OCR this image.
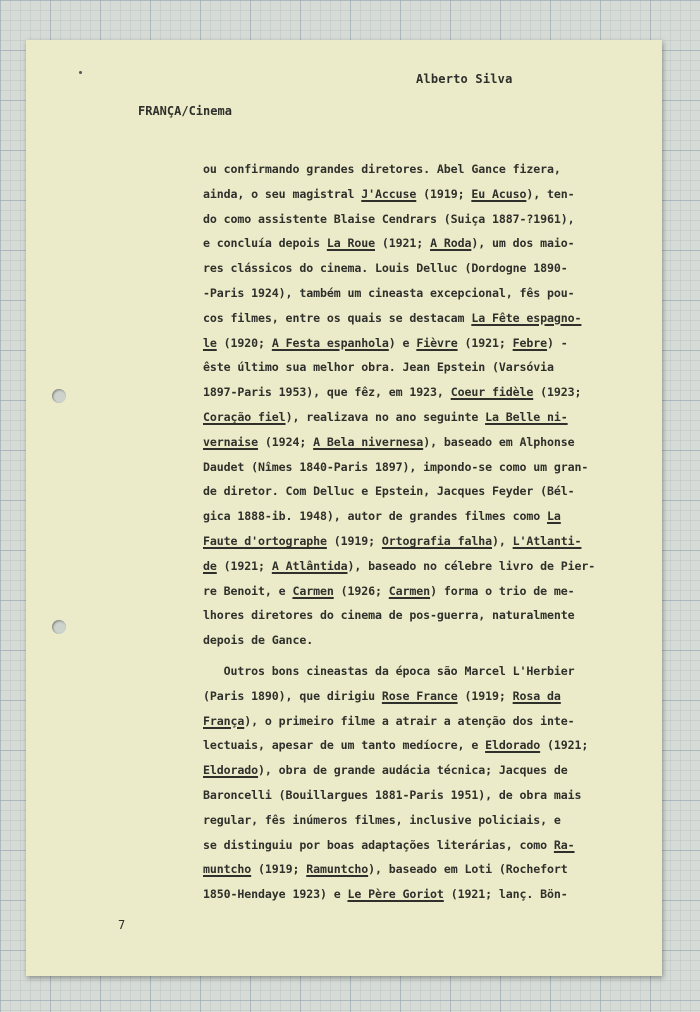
Alberto Silva
FRANÇA/Cinema
ou confirmando grandes diretores. Abel Gance fizera,
ainda, o seu magistral J'Accuse (1919; Eu Acuso), ten-
do como assistente Blaise Cendrars (Suiça 1887-?1961),
e concluía depois La Roue (1921; A Roda), um dos maio-
res clássicos do cinema. Louis Delluc (Dordogne 1890-
-Paris 1924), também um cineasta excepcional, fês pou-
cos filmes, entre os quais se destacam La Fête espagno-
le (1920; A Festa espanhola) e Fièvre (1921; Febre) -
êste último sua melhor obra. Jean Epstein (Varsóvia
1897-Paris 1953), que fêz, em 1923, Coeur fidèle (1923;
Coração fiel), realizava no ano seguinte La Belle ni-
vernaise (1924; A Bela nivernesa), baseado em Alphonse
Daudet (Nîmes 1840-Paris 1897), impondo-se como um gran-
de diretor. Com Delluc e Epstein, Jacques Feyder (Bél-
gica 1888-ib. 1948), autor de grandes filmes como La
Faute d'ortographe (1919; Ortografia falha), L'Atlanti-
de (1921; A Atlântida), baseado no célebre livro de Pier-
re Benoit, e Carmen (1926; Carmen) forma o trio de me-
lhores diretores do cinema de pos-guerra, naturalmente
depois de Gance.
Outros bons cineastas da época são Marcel L'Herbier
(Paris 1890), que dirigiu Rose France (1919; Rosa da
França), o primeiro filme a atrair a atenção dos inte-
lectuais, apesar de um tanto medíocre, e Eldorado (1921;
Eldorado), obra de grande audácia técnica; Jacques de
Baroncelli (Bouillargues 1881-Paris 1951), de obra mais
regular, fês inúmeros filmes, inclusive policiais, e
se distinguiu por boas adaptações literárias, como Ra-
muntcho (1919; Ramuntcho), baseado em Loti (Rochefort
1850-Hendaye 1923) e Le Père Goriot (1921; lanç. Bön-
7
